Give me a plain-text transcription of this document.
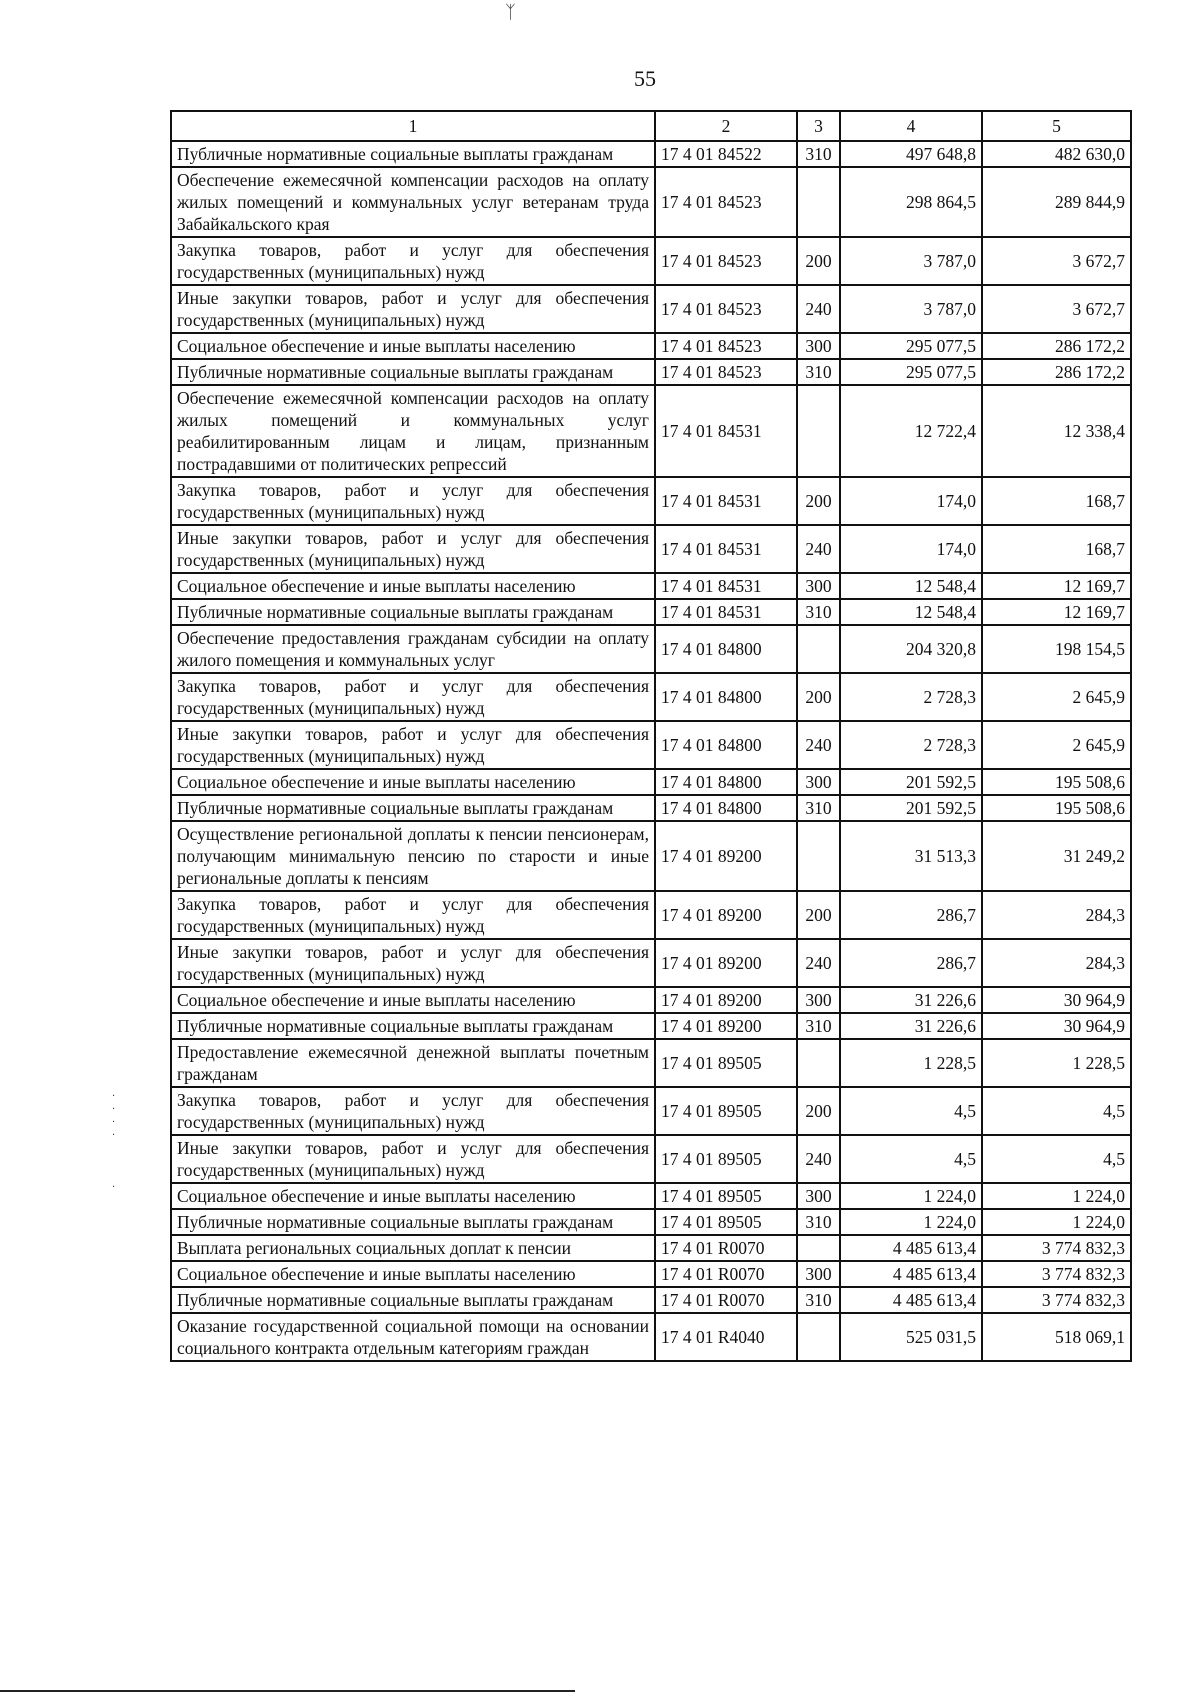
ᛉ
55
1	2	3	4	5
Публичные нормативные социальные выплаты гражданам	17 4 01 84522	310	497 648,8	482 630,0
Обеспечение ежемесячной компенсации расходов на оплату жилых помещений и коммунальных услуг ветеранам труда Забайкальского края	17 4 01 84523		298 864,5	289 844,9
Закупка товаров, работ и услуг для обеспечения государственных (муниципальных) нужд	17 4 01 84523	200	3 787,0	3 672,7
Иные закупки товаров, работ и услуг для обеспечения государственных (муниципальных) нужд	17 4 01 84523	240	3 787,0	3 672,7
Социальное обеспечение и иные выплаты населению	17 4 01 84523	300	295 077,5	286 172,2
Публичные нормативные социальные выплаты гражданам	17 4 01 84523	310	295 077,5	286 172,2
Обеспечение ежемесячной компенсации расходов на оплату жилых помещений и коммунальных услуг реабилитированным лицам и лицам, признанным пострадавшими от политических репрессий	17 4 01 84531		12 722,4	12 338,4
Закупка товаров, работ и услуг для обеспечения государственных (муниципальных) нужд	17 4 01 84531	200	174,0	168,7
Иные закупки товаров, работ и услуг для обеспечения государственных (муниципальных) нужд	17 4 01 84531	240	174,0	168,7
Социальное обеспечение и иные выплаты населению	17 4 01 84531	300	12 548,4	12 169,7
Публичные нормативные социальные выплаты гражданам	17 4 01 84531	310	12 548,4	12 169,7
Обеспечение предоставления гражданам субсидии на оплату жилого помещения и коммунальных услуг	17 4 01 84800		204 320,8	198 154,5
Закупка товаров, работ и услуг для обеспечения государственных (муниципальных) нужд	17 4 01 84800	200	2 728,3	2 645,9
Иные закупки товаров, работ и услуг для обеспечения государственных (муниципальных) нужд	17 4 01 84800	240	2 728,3	2 645,9
Социальное обеспечение и иные выплаты населению	17 4 01 84800	300	201 592,5	195 508,6
Публичные нормативные социальные выплаты гражданам	17 4 01 84800	310	201 592,5	195 508,6
Осуществление региональной доплаты к пенсии пенсионерам, получающим минимальную пенсию по старости и иные региональные доплаты к пенсиям	17 4 01 89200		31 513,3	31 249,2
Закупка товаров, работ и услуг для обеспечения государственных (муниципальных) нужд	17 4 01 89200	200	286,7	284,3
Иные закупки товаров, работ и услуг для обеспечения государственных (муниципальных) нужд	17 4 01 89200	240	286,7	284,3
Социальное обеспечение и иные выплаты населению	17 4 01 89200	300	31 226,6	30 964,9
Публичные нормативные социальные выплаты гражданам	17 4 01 89200	310	31 226,6	30 964,9
Предоставление ежемесячной денежной выплаты почетным гражданам	17 4 01 89505		1 228,5	1 228,5
Закупка товаров, работ и услуг для обеспечения государственных (муниципальных) нужд	17 4 01 89505	200	4,5	4,5
Иные закупки товаров, работ и услуг для обеспечения государственных (муниципальных) нужд	17 4 01 89505	240	4,5	4,5
Социальное обеспечение и иные выплаты населению	17 4 01 89505	300	1 224,0	1 224,0
Публичные нормативные социальные выплаты гражданам	17 4 01 89505	310	1 224,0	1 224,0
Выплата региональных социальных доплат к пенсии	17 4 01 R0070		4 485 613,4	3 774 832,3
Социальное обеспечение и иные выплаты населению	17 4 01 R0070	300	4 485 613,4	3 774 832,3
Публичные нормативные социальные выплаты гражданам	17 4 01 R0070	310	4 485 613,4	3 774 832,3
Оказание государственной социальной помощи на основании социального контракта отдельным категориям граждан	17 4 01 R4040		525 031,5	518 069,1
·
·
·
·

·
